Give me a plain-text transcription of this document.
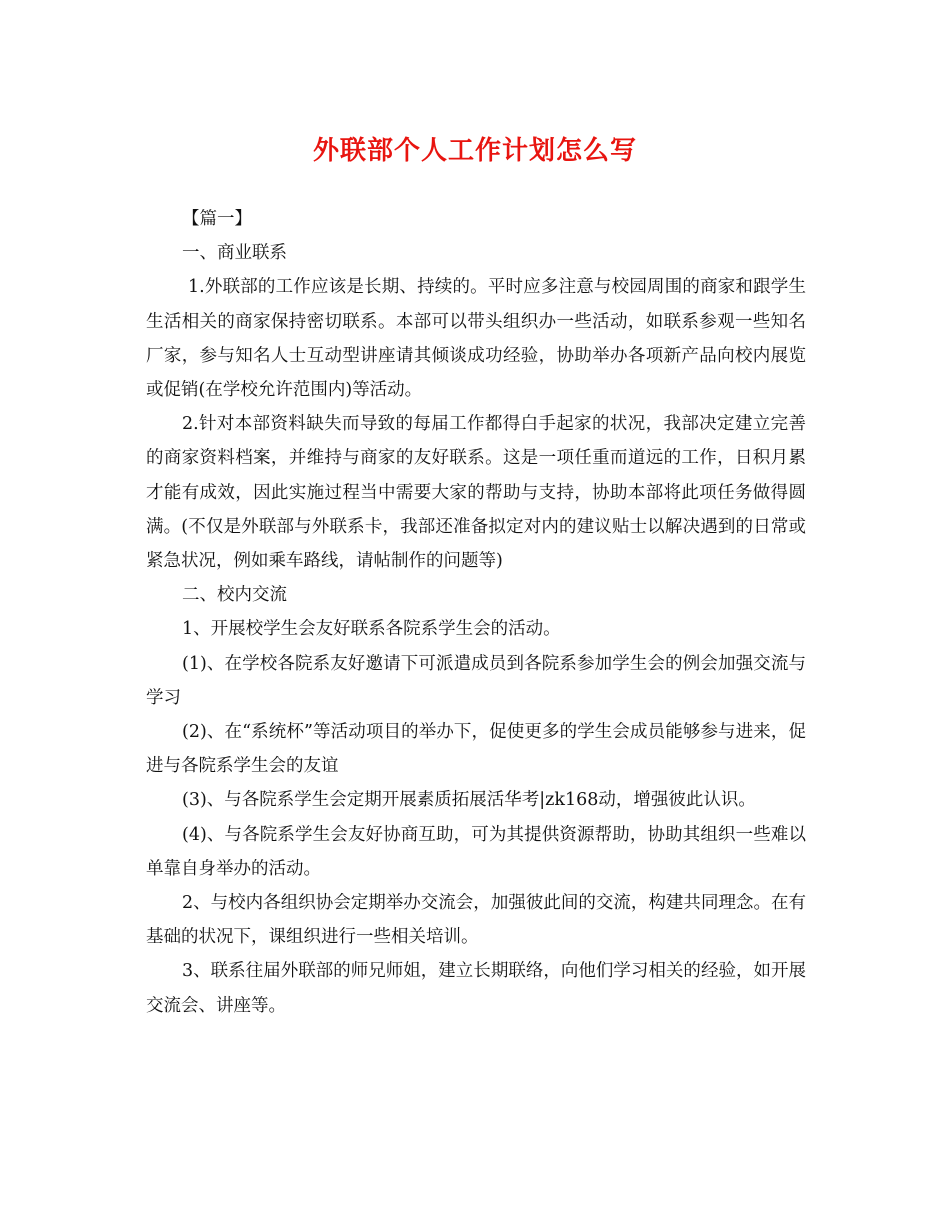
外联部个人工作计划怎么写

【篇一】

一、商业联系

1.外联部的工作应该是长期、持续的。平时应多注意与校园周围的商家和跟学生生活相关的商家保持密切联系。本部可以带头组织办一些活动，如联系参观一些知名厂家，参与知名人士互动型讲座请其倾谈成功经验，协助举办各项新产品向校内展览或促销(在学校允许范围内)等活动。

2.针对本部资料缺失而导致的每届工作都得白手起家的状况，我部决定建立完善的商家资料档案，并维持与商家的友好联系。这是一项任重而道远的工作，日积月累才能有成效，因此实施过程当中需要大家的帮助与支持，协助本部将此项任务做得圆满。(不仅是外联部与外联系卡，我部还准备拟定对内的建议贴士以解决遇到的日常或紧急状况，例如乘车路线，请帖制作的问题等)

二、校内交流

1、开展校学生会友好联系各院系学生会的活动。

(1)、在学校各院系友好邀请下可派遣成员到各院系参加学生会的例会加强交流与学习

(2)、在“系统杯”等活动项目的举办下，促使更多的学生会成员能够参与进来，促进与各院系学生会的友谊

(3)、与各院系学生会定期开展素质拓展活华考|zk168动，增强彼此认识。

(4)、与各院系学生会友好协商互助，可为其提供资源帮助，协助其组织一些难以单靠自身举办的活动。

2、与校内各组织协会定期举办交流会，加强彼此间的交流，构建共同理念。在有基础的状况下，课组织进行一些相关培训。

3、联系往届外联部的师兄师姐，建立长期联络，向他们学习相关的经验，如开展交流会、讲座等。
